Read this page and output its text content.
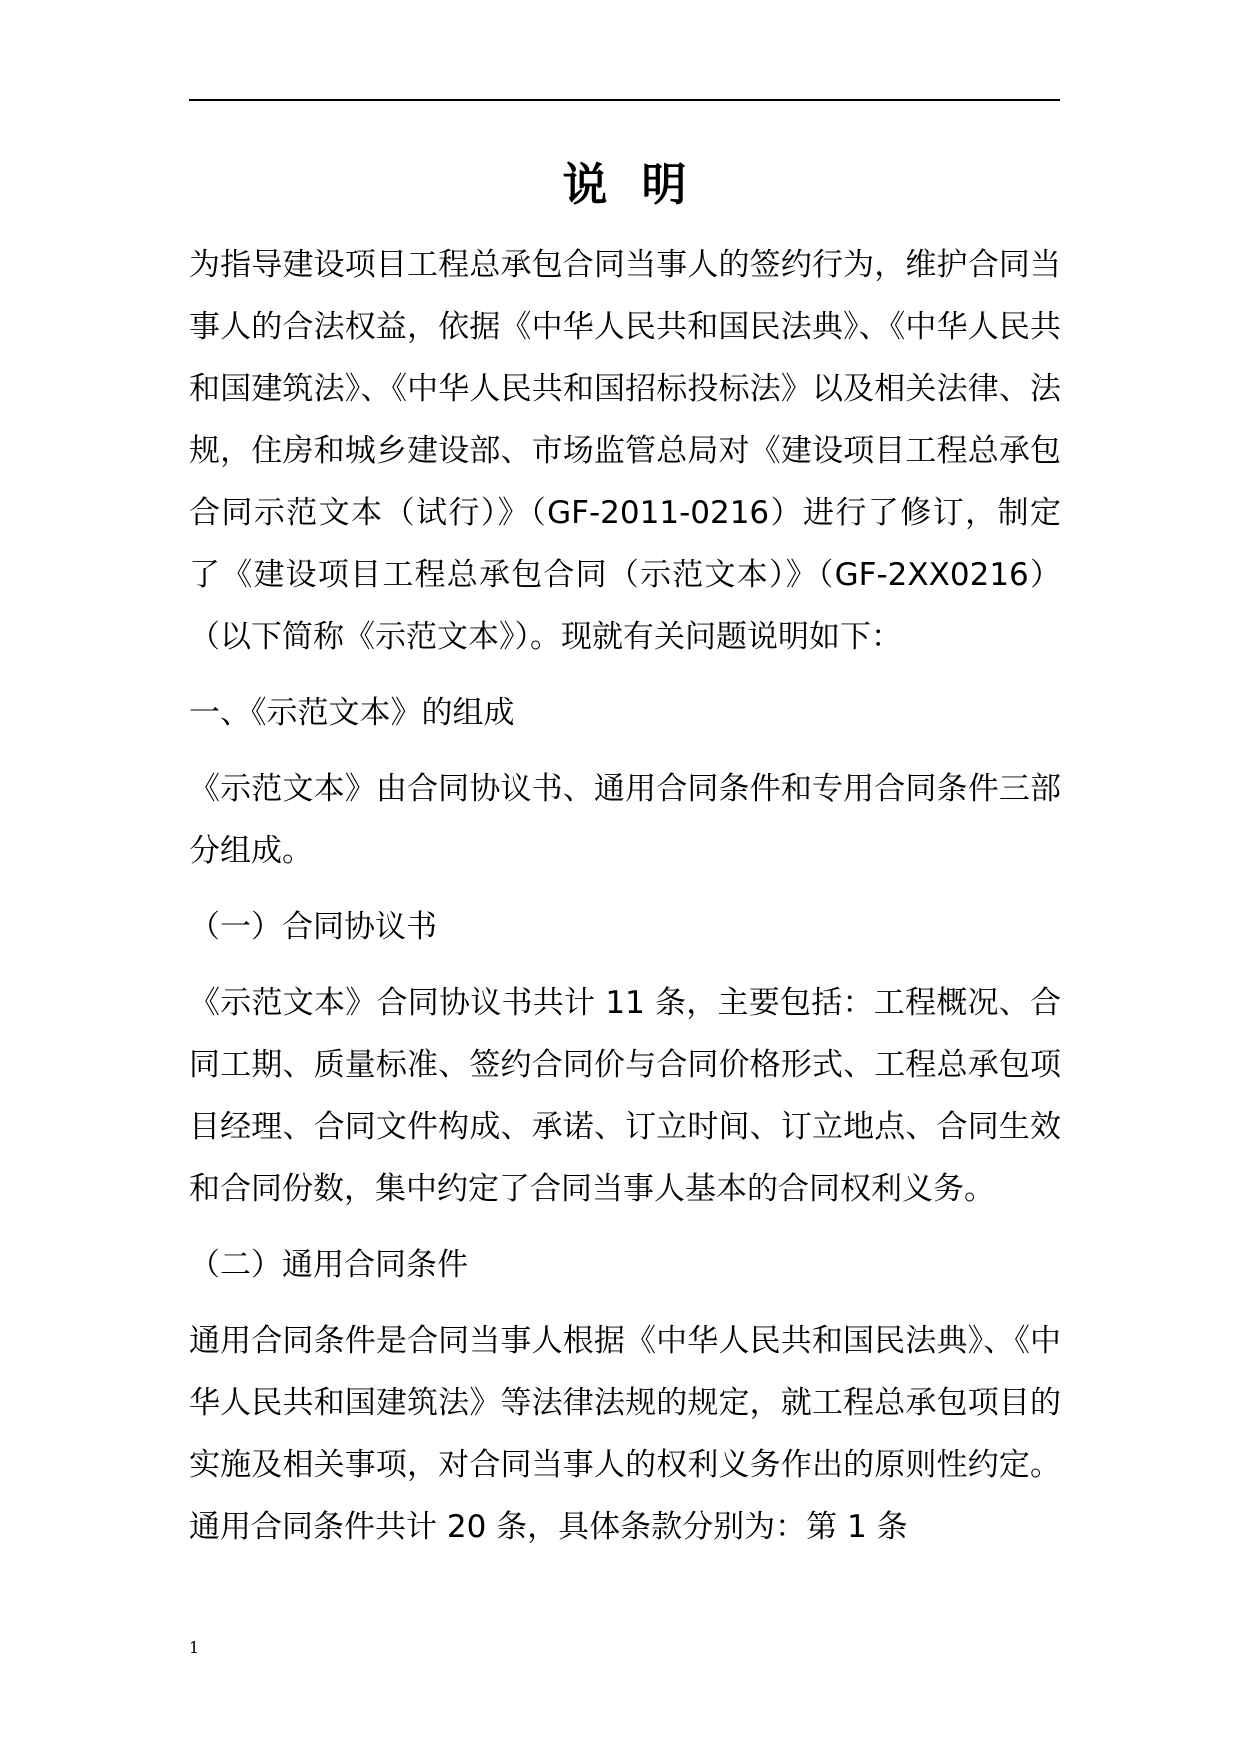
说明

为指导建设项目工程总承包合同当事人的签约行为，维护合同当事人的合法权益，依据《中华人民共和国民法典》、《中华人民共和国建筑法》、《中华人民共和国招标投标法》以及相关法律、法规，住房和城乡建设部、市场监管总局对《建设项目工程总承包合同示范文本（试行）》（GF-2011-0216）进行了修订，制定了《建设项目工程总承包合同（示范文本）》（GF-2XX0216）（以下简称《示范文本》）。现就有关问题说明如下：

一、《示范文本》的组成

《示范文本》由合同协议书、通用合同条件和专用合同条件三部分组成。

（一）合同协议书

《示范文本》合同协议书共计 11 条，主要包括：工程概况、合同工期、质量标准、签约合同价与合同价格形式、工程总承包项目经理、合同文件构成、承诺、订立时间、订立地点、合同生效和合同份数，集中约定了合同当事人基本的合同权利义务。

（二）通用合同条件

通用合同条件是合同当事人根据《中华人民共和国民法典》、《中华人民共和国建筑法》等法律法规的规定，就工程总承包项目的实施及相关事项，对合同当事人的权利义务作出的原则性约定。通用合同条件共计 20 条，具体条款分别为：第 1 条

1
